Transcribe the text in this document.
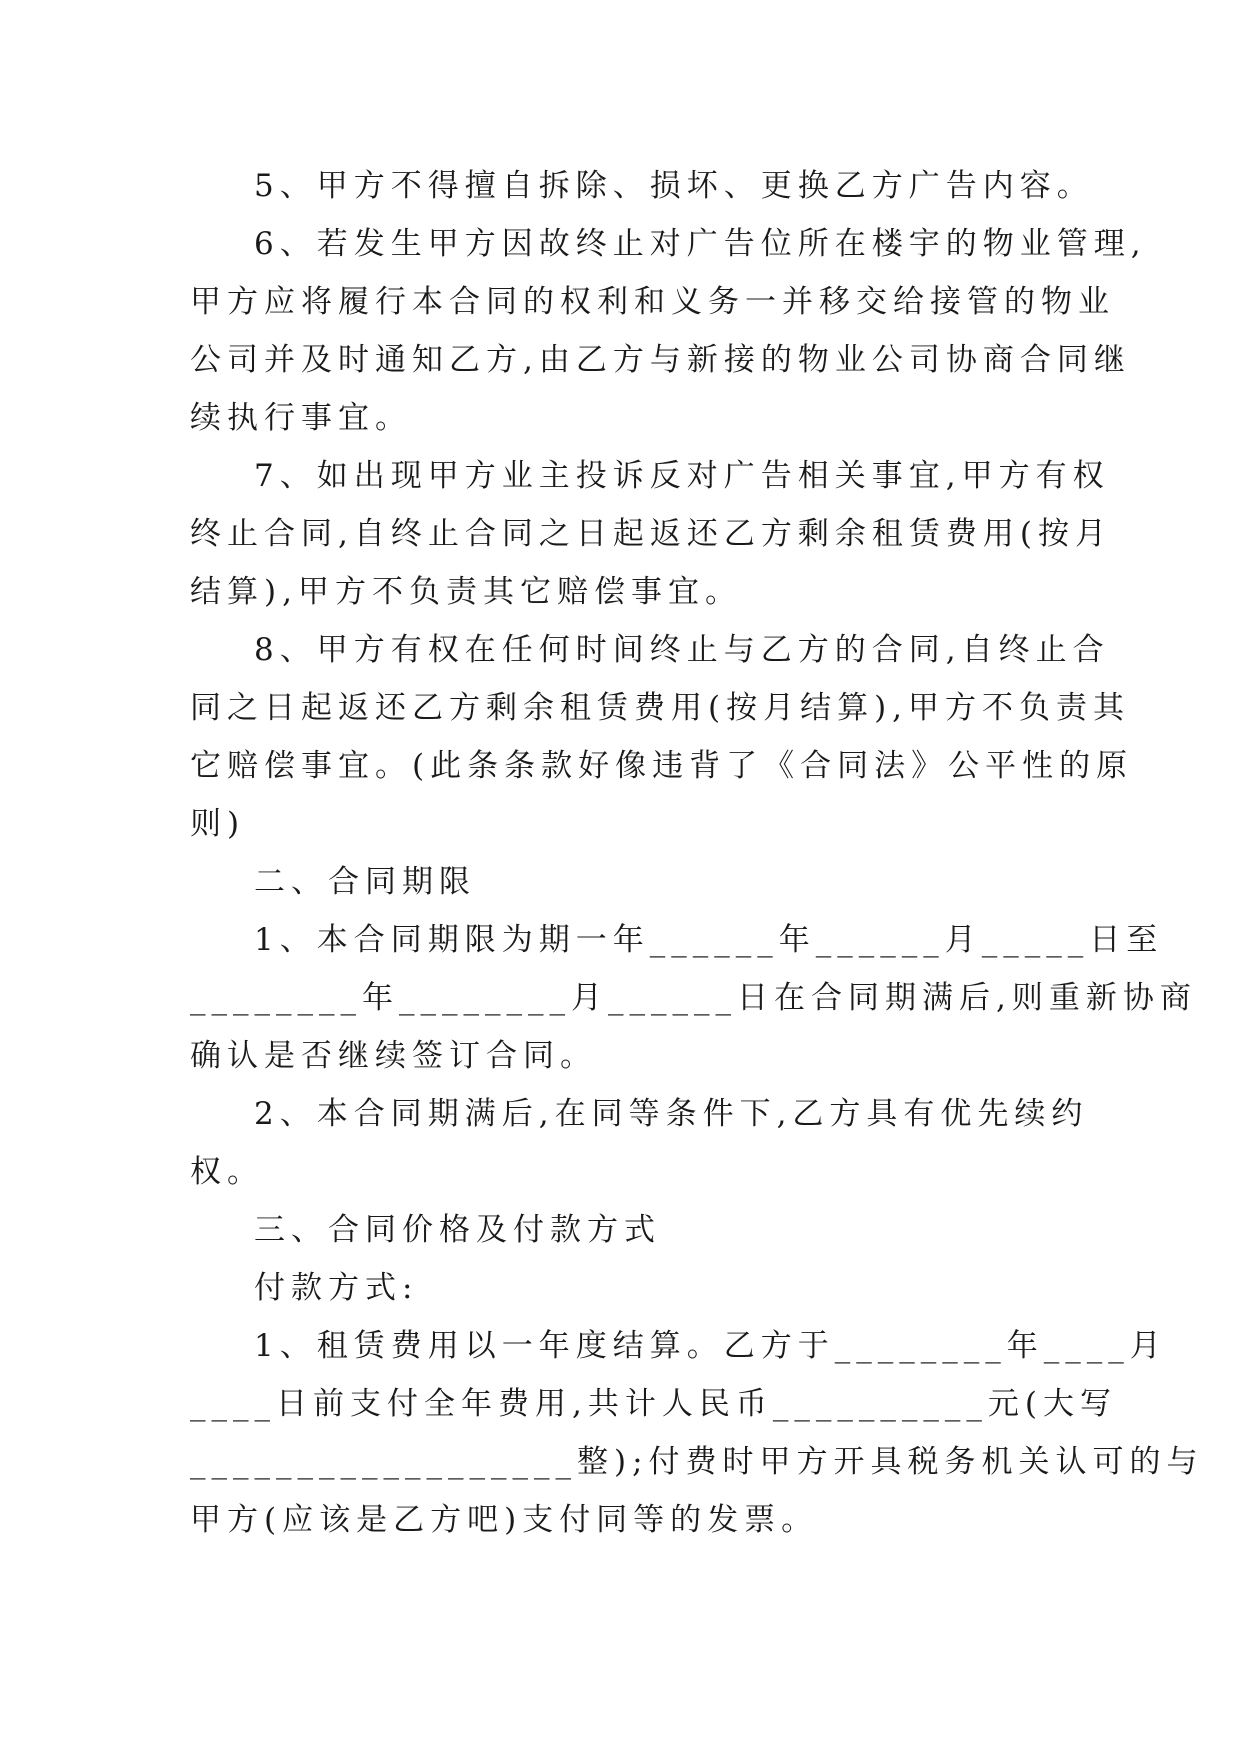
5、甲方不得擅自拆除、损坏、更换乙方广告内容。
6、若发生甲方因故终止对广告位所在楼宇的物业管理,
甲方应将履行本合同的权利和义务一并移交给接管的物业
公司并及时通知乙方,由乙方与新接的物业公司协商合同继
续执行事宜。
7、如出现甲方业主投诉反对广告相关事宜,甲方有权
终止合同,自终止合同之日起返还乙方剩余租赁费用(按月
结算),甲方不负责其它赔偿事宜。
8、甲方有权在任何时间终止与乙方的合同,自终止合
同之日起返还乙方剩余租赁费用(按月结算),甲方不负责其
它赔偿事宜。(此条条款好像违背了《合同法》公平性的原
则)
二、合同期限
1、本合同期限为期一年______年______月_____日至
________年________月______日在合同期满后,则重新协商
确认是否继续签订合同。
2、本合同期满后,在同等条件下,乙方具有优先续约
权。
三、合同价格及付款方式
付款方式:
1、租赁费用以一年度结算。乙方于________年____月
____日前支付全年费用,共计人民币__________元(大写
__________________整);付费时甲方开具税务机关认可的与
甲方(应该是乙方吧)支付同等的发票。
